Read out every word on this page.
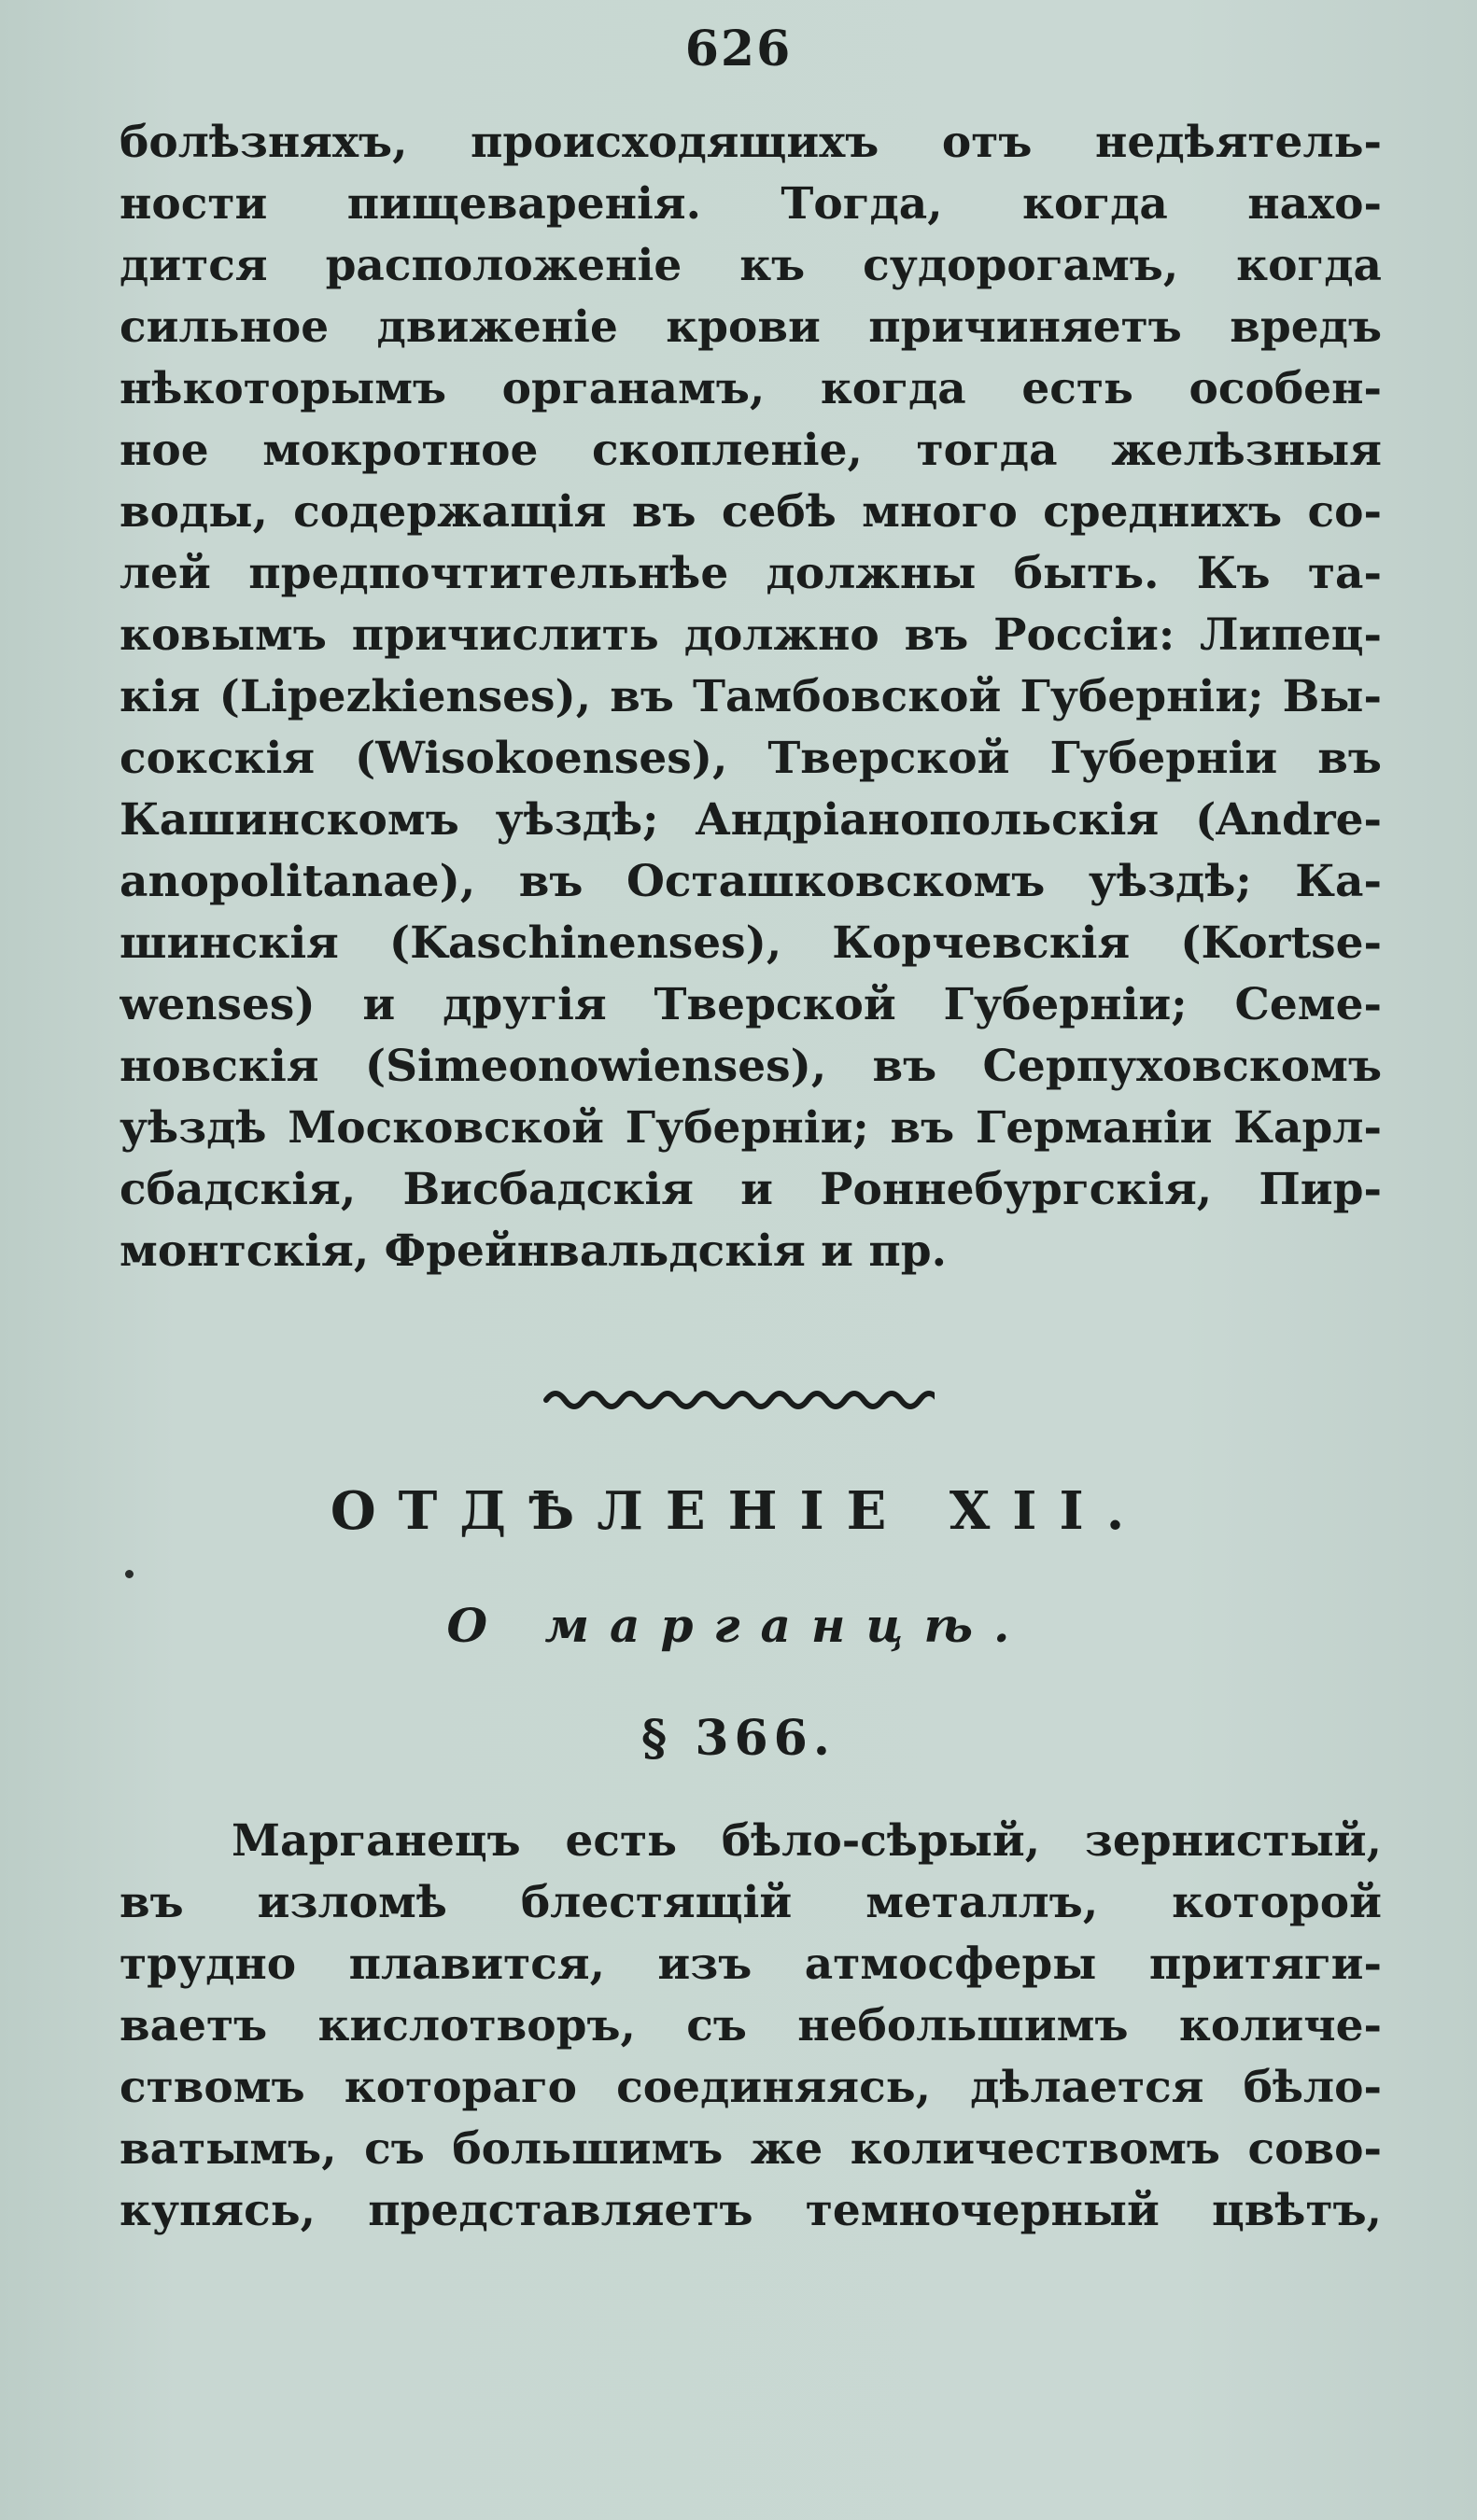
626
болѣзняхъ, происходящихъ отъ недѣятель-
ности пищеваренія. Тогда, когда нахо-
дится расположеніе къ судорогамъ, когда
сильное движеніе крови причиняетъ вредъ
нѣкоторымъ органамъ, когда есть особен-
ное мокротное скопленіе, тогда желѣзныя
воды, содержащія въ себѣ много среднихъ со-
лей предпочтительнѣе должны быть. Къ та-
ковымъ причислить должно въ Россіи: Липец-
кія (Lipezkienses), въ Тамбовской Губерніи; Вы-
сокскія (Wisokoenses), Тверской Губерніи въ
Кашинскомъ уѣздѣ; Андріанопольскія (Andre-
anopolitanae), въ Осташковскомъ уѣздѣ; Ка-
шинскія (Kaschinenses), Корчевскія (Kortse-
wenses) и другія Тверской Губерніи; Семе-
новскія (Simeonowienses), въ Серпуховскомъ
уѣздѣ Московской Губерніи; въ Германіи Карл-
сбадскія, Висбадскія и Роннебургскія, Пир-
монтскія, Фрейнвальдскія и пр.
ОТДѢЛЕНІЕ XII.
О марганцѣ.
§ 366.
Марганецъ есть бѣло-сѣрый, зернистый,
въ изломѣ блестящій металлъ, которой
трудно плавится, изъ атмосферы притяги-
ваетъ кислотворъ, съ небольшимъ количе-
ствомъ котораго соединяясь, дѣлается бѣло-
ватымъ, съ большимъ же количествомъ сово-
купясь, представляетъ темночерный цвѣтъ,
